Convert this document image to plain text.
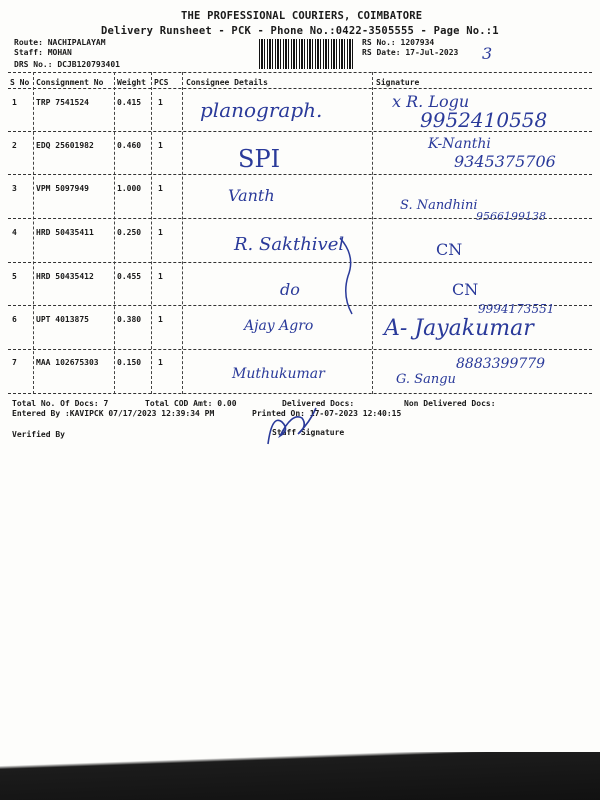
THE PROFESSIONAL COURIERS, COIMBATORE
Delivery Runsheet - PCK - Phone No.:0422-3505555 - Page No.:1
Route: NACHIPALAYAM
Staff: MOHAN
DRS No.: DCJB120793401
RS No.: 1207934
RS Date: 17-Jul-2023 3
S No Consignment No Weight PCS Consignee Details	Signature
1 TRP 7541524	0.415 1 planograph.	x R. Logu
9952410558
2 EDQ 25601982	0.460 1	SPI
K-Nanthi
9345375706
3 VPM 5097949	1.000 1	Vanth
S. Nandhini
9566199138
4 HRD 50435411	0.250 1
R. Sakthivel	CN
5 HRD 50435412	0.455 1
do	CN
6 UPT 4013875	0.380 1	Ajay Agro	A- Jayakumar
9994173551
7 MAA 102675303 0.150 1
Muthukumar	G. Sangu
8883399779
Total No. Of Docs: 7	Total COD Amt: 0.00	Delivered Docs:	Non Delivered Docs:
Entered By :KAVIPCK 07/17/2023 12:39:34 PM	Printed On: 17-07-2023 12:40:15
Verified By	Staff Signature
